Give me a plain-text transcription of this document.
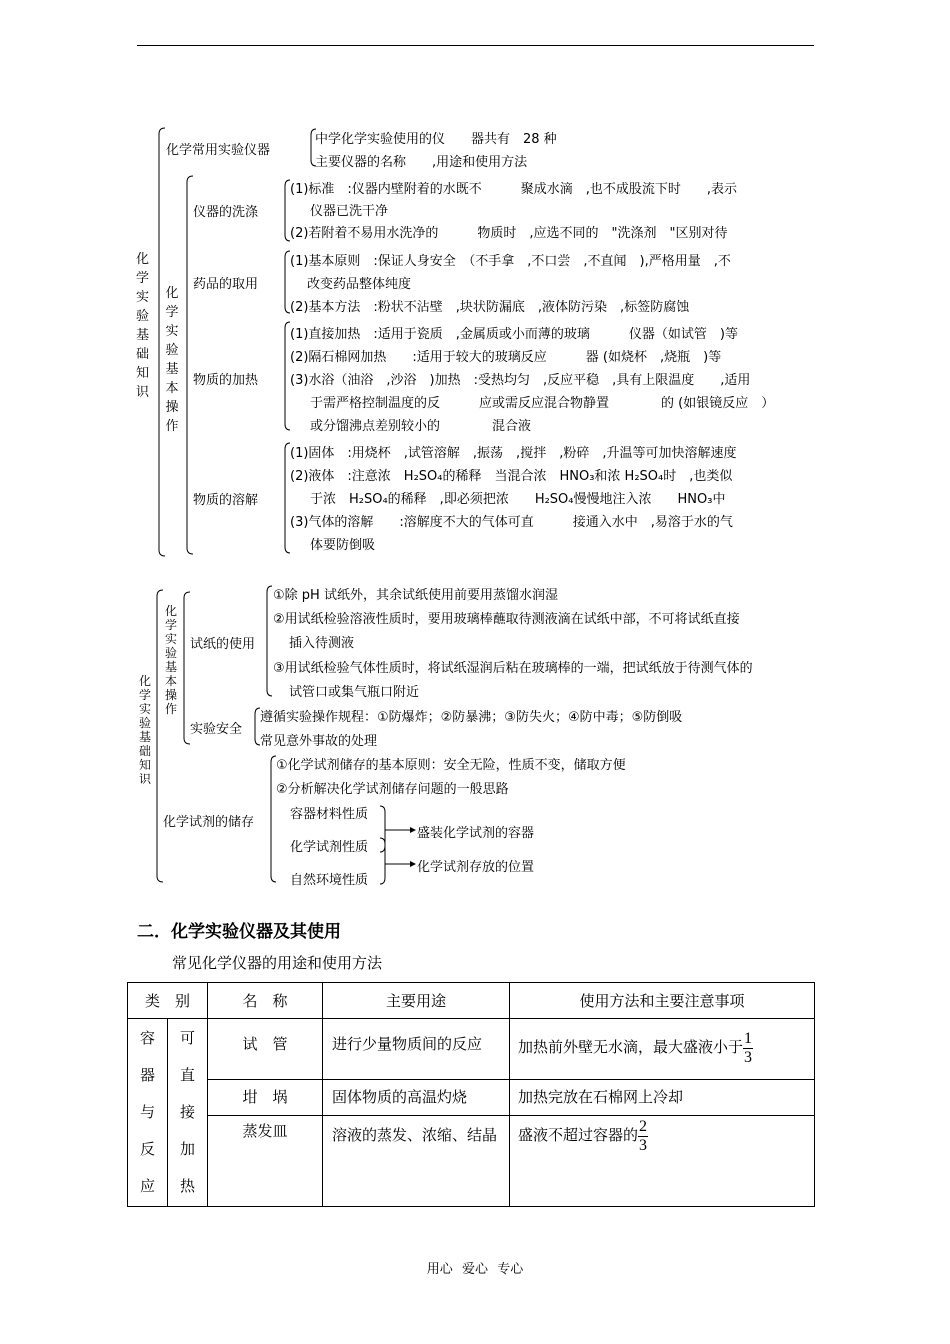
化学实验基础知识
化学常用实验仪器
中学化学实验使用的仪　　器共有　28 种
主要仪器的名称　　,用途和使用方法
化学实验基本操作
仪器的洗涤
(1)标准　:仪器内壁附着的水既不　　　聚成水滴　,也不成股流下时　　,表示
仪器已洗干净
(2)若附着不易用水洗净的　　　物质时　,应选不同的　"洗涤剂　"区别对待
药品的取用
(1)基本原则　:保证人身安全　（不手拿　,不口尝　,不直闻　),严格用量　,不
改变药品整体纯度
(2)基本方法　:粉状不沾壁　,块状防漏底　,液体防污染　,标签防腐蚀
物质的加热
(1)直接加热　:适用于瓷质　,金属质或小而薄的玻璃　　　仪器（如试管　)等
(2)隔石棉网加热　　:适用于较大的玻璃反应　　　器 (如烧杯　,烧瓶　)等
(3)水浴（油浴　,沙浴　)加热　:受热均匀　,反应平稳　,具有上限温度　　,适用
于需严格控制温度的反　　　应或需反应混合物静置　　　　的 (如银镜反应　）
或分馏沸点差别较小的　　　　混合液
物质的溶解
(1)固体　:用烧杯　,试管溶解　,振荡　,搅拌　,粉碎　,升温等可加快溶解速度
(2)液体　:注意浓　H₂SO₄的稀释　当混合浓　HNO₃和浓 H₂SO₄时　,也类似
于浓　H₂SO₄的稀释　,即必须把浓　　H₂SO₄慢慢地注入浓　　HNO₃中
(3)气体的溶解　　:溶解度不大的气体可直　　　接通入水中　,易溶于水的气
体要防倒吸
化学实验基础知识
化学实验基本操作
试纸的使用
①除 pH 试纸外，其余试纸使用前要用蒸馏水润湿
②用试纸检验溶液性质时，要用玻璃棒蘸取待测液滴在试纸中部，不可将试纸直接
插入待测液
③用试纸检验气体性质时，将试纸湿润后粘在玻璃棒的一端，把试纸放于待测气体的
试管口或集气瓶口附近
实验安全
遵循实验操作规程：①防爆炸；②防暴沸；③防失火；④防中毒；⑤防倒吸
常见意外事故的处理
化学试剂的储存
①化学试剂储存的基本原则：安全无险，性质不变，储取方便
②分析解决化学试剂储存问题的一般思路
容器材料性质
化学试剂性质
自然环境性质
盛装化学试剂的容器
化学试剂存放的位置
二．化学实验仪器及其使用
常见化学仪器的用途和使用方法
类　别		名　称	主要用途	使用方法和主要注意事项

容器与反应	可直接加热	试　管	进行少量物质间的反应	加热前外壁无水滴，最大盛液小于 $\frac{1}{3}$

		坩　埚	固体物质的高温灼烧	加热完放在石棉网上冷却
		蒸发皿	溶液的蒸发、浓缩、结晶	盛液不超过容器的 $\frac{2}{3}$
用心 爱心 专心
